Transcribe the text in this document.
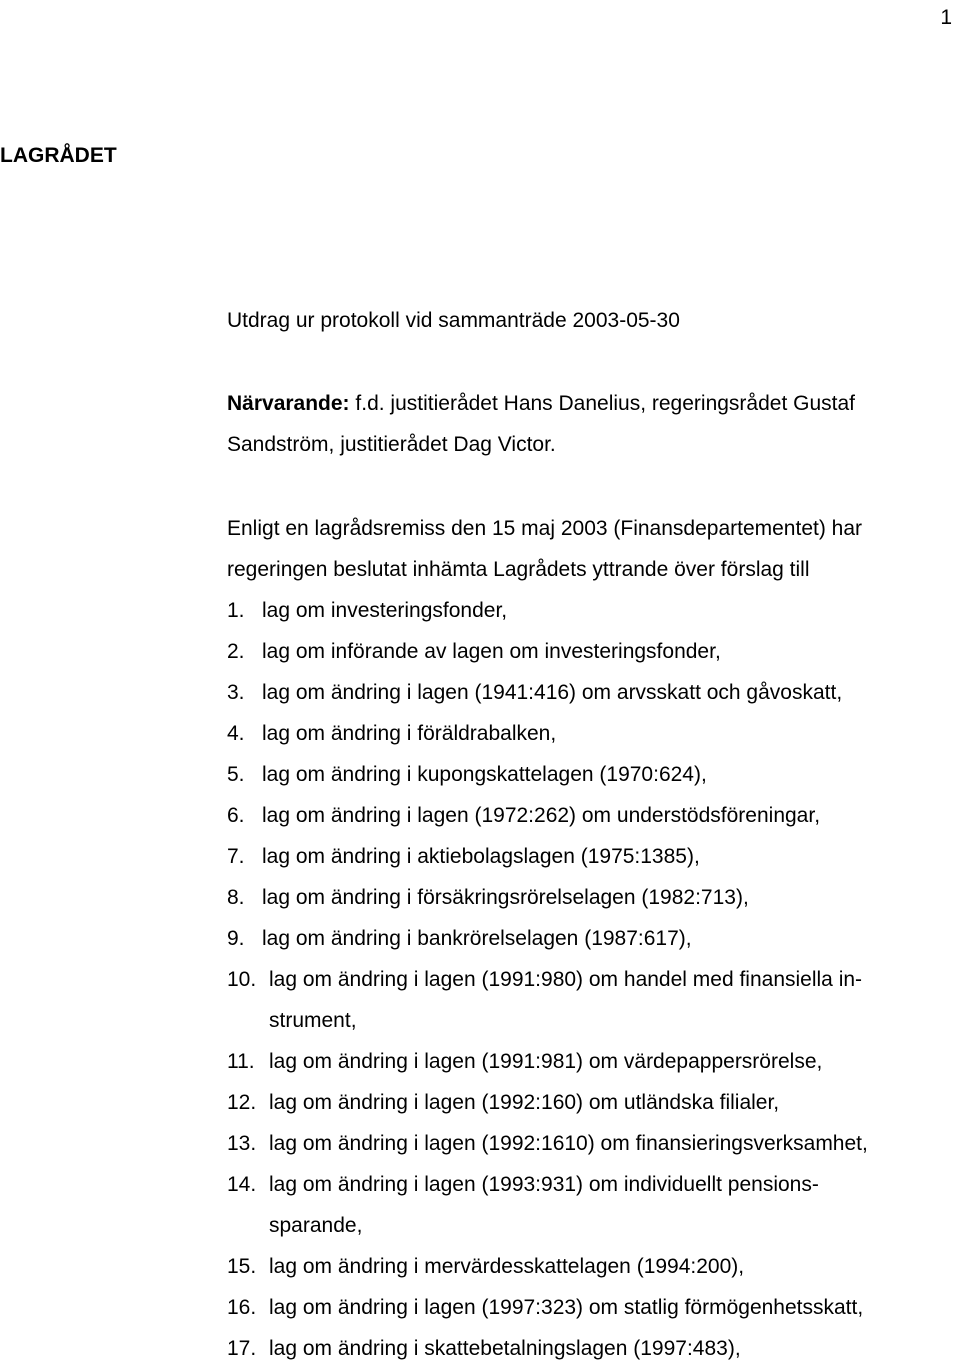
1
LAGRÅDET
Utdrag ur protokoll vid sammanträde 2003-05-30
Närvarande: f.d. justitierådet Hans Danelius, regeringsrådet Gustaf
Sandström, justitierådet Dag Victor.
Enligt en lagrådsremiss den 15 maj 2003 (Finansdepartementet) har
regeringen beslutat inhämta Lagrådets yttrande över förslag till
1. lag om investeringsfonder,
2. lag om införande av lagen om investeringsfonder,
3. lag om ändring i lagen (1941:416) om arvsskatt och gåvoskatt,
4. lag om ändring i föräldrabalken,
5. lag om ändring i kupongskattelagen (1970:624),
6. lag om ändring i lagen (1972:262) om understödsföreningar,
7. lag om ändring i aktiebolagslagen (1975:1385),
8. lag om ändring i försäkringsrörelselagen (1982:713),
9. lag om ändring i bankrörelselagen (1987:617),
10. lag om ändring i lagen (1991:980) om handel med finansiella in-
strument,
11. lag om ändring i lagen (1991:981) om värdepappersrörelse,
12. lag om ändring i lagen (1992:160) om utländska filialer,
13. lag om ändring i lagen (1992:1610) om finansieringsverksamhet,
14. lag om ändring i lagen (1993:931) om individuellt pensions-
sparande,
15. lag om ändring i mervärdesskattelagen (1994:200),
16. lag om ändring i lagen (1997:323) om statlig förmögenhetsskatt,
17. lag om ändring i skattebetalningslagen (1997:483),
